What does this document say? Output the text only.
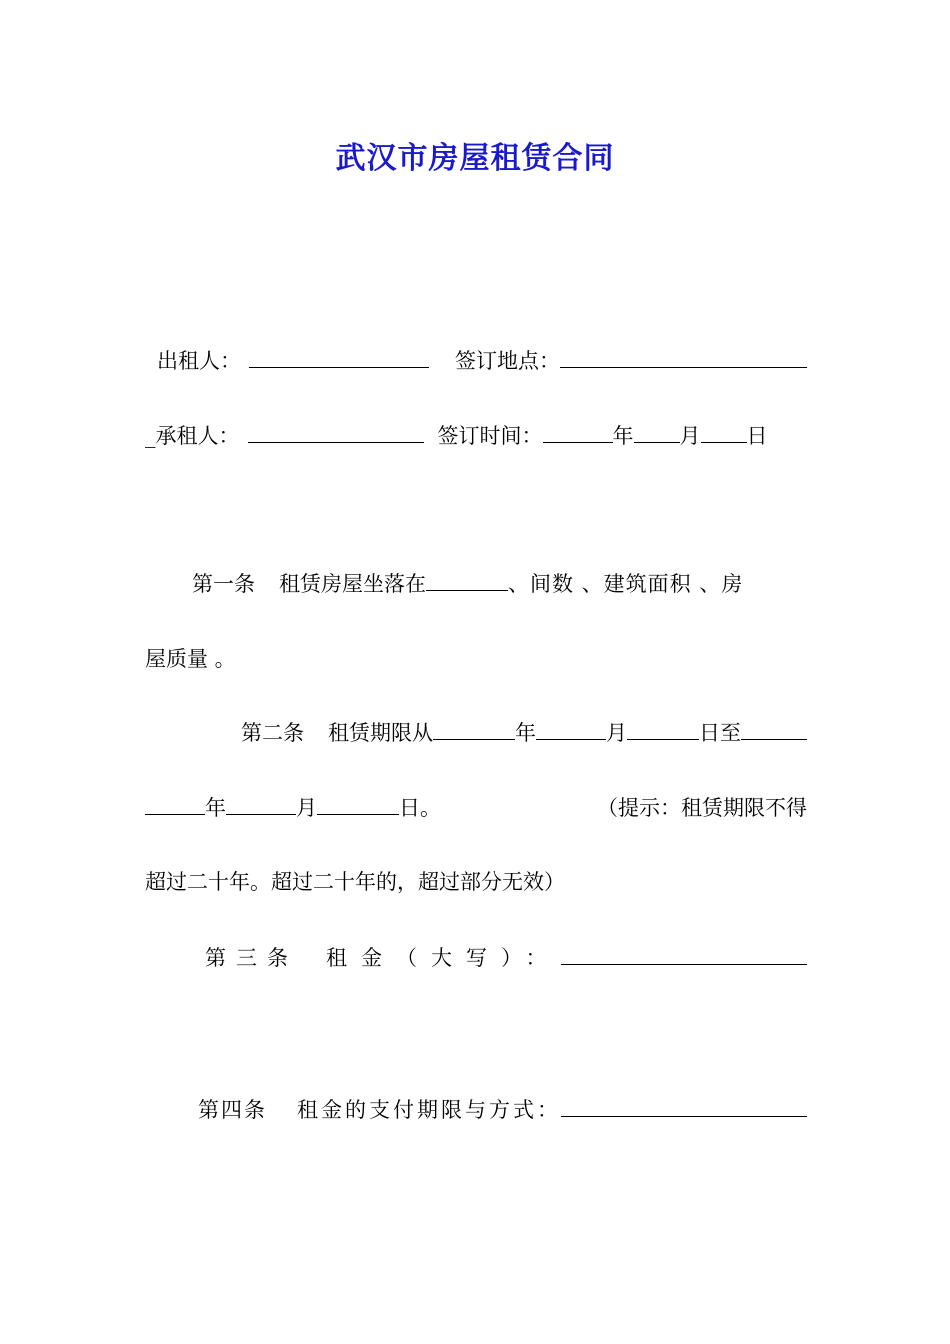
武汉市房屋租赁合同
出租人：	签订地点：
_承租人：	签订时间：	年 月 日
第一条 租赁房屋坐落在	、间数 、建筑面积 、房
屋质量 。
第二条 租赁期限从	年	月	日至
年	月	日。	（提示：租赁期限不得
超过二十年。超过二十年的，超过部分无效）
第三条 租金（大写）：
第四条 租金的支付期限与方式：
